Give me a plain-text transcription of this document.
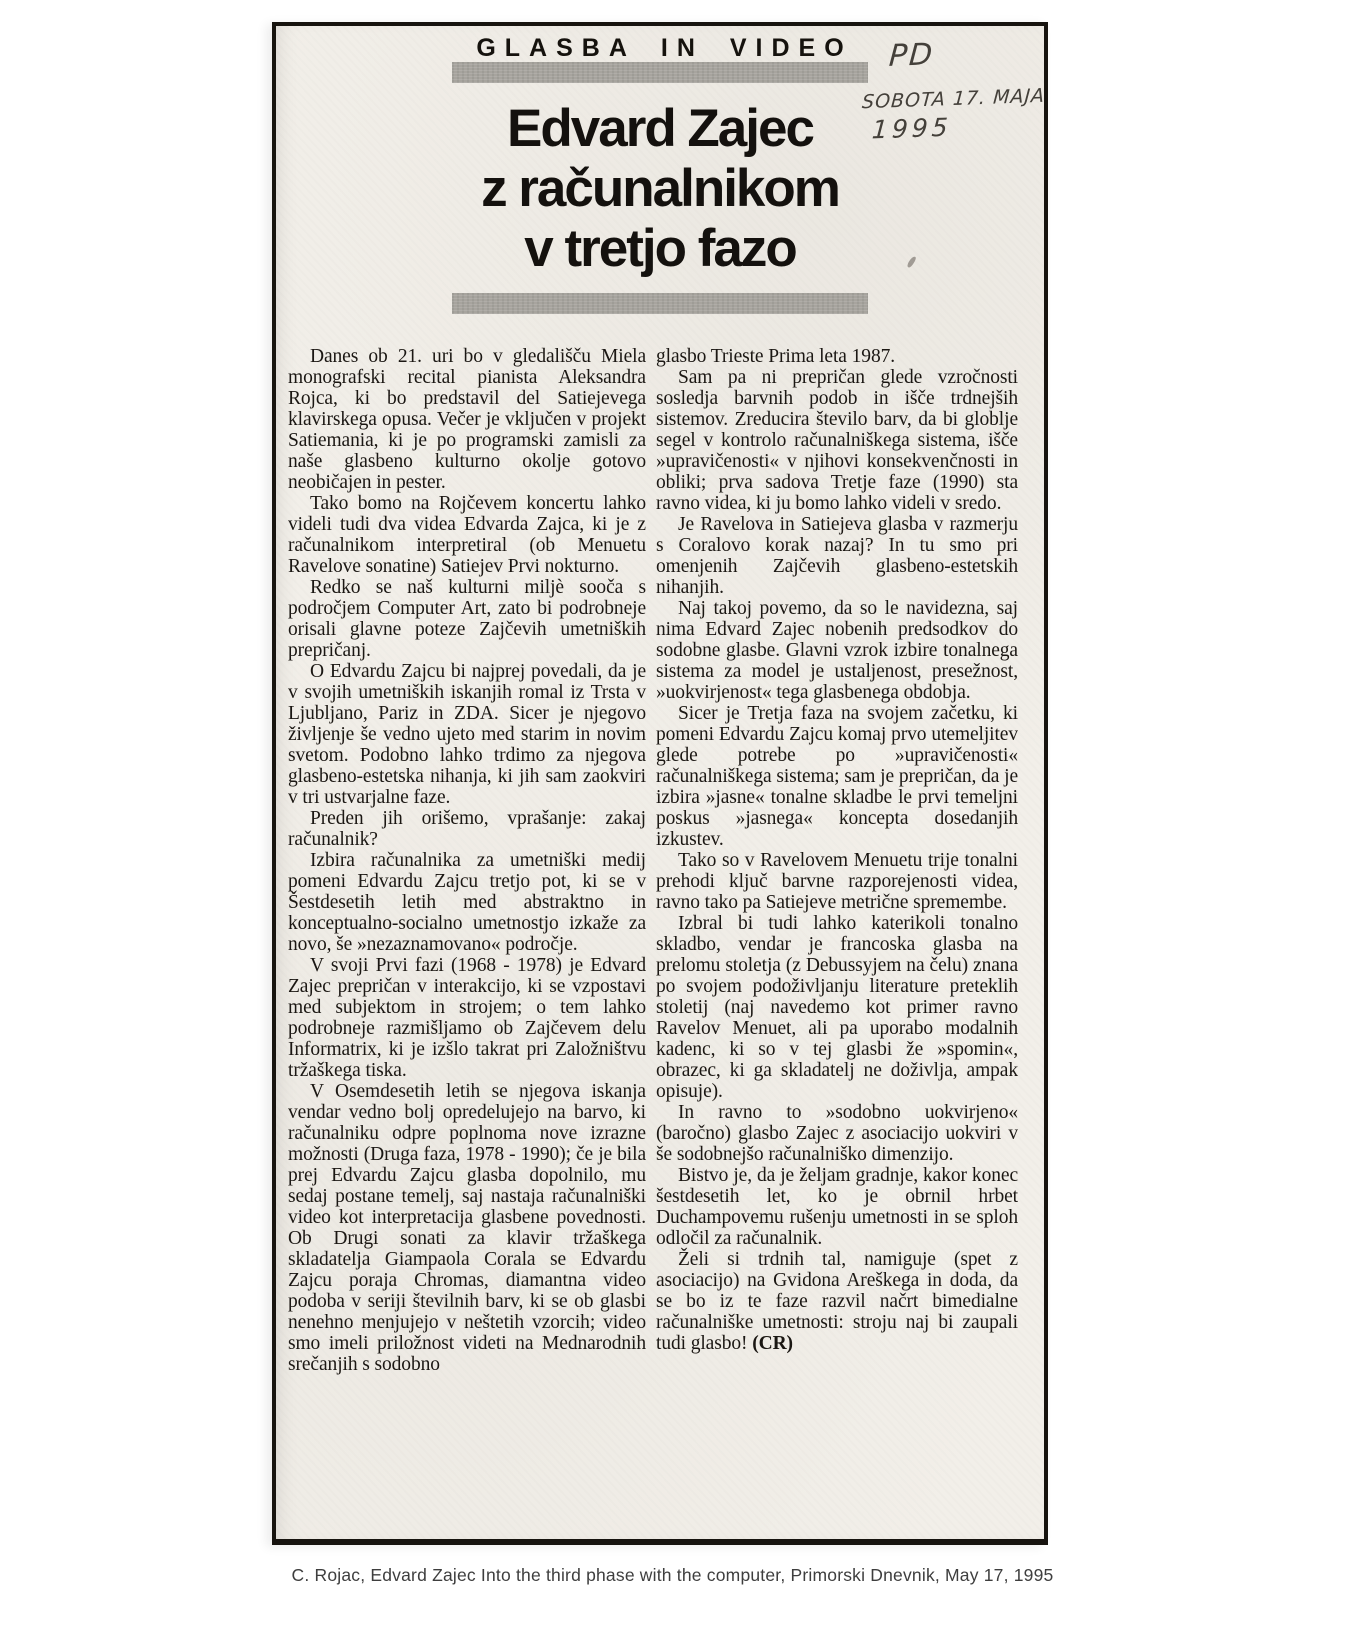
GLASBA IN VIDEO
Edvard Zajec
z računalnikom
v tretjo fazo
PD
SOBOTA 17. MAJA
1995

Danes ob 21. uri bo v gledališču Miela monografski recital pianista Aleksandra Rojca, ki bo predstavil del Satiejevega klavirskega opusa. Večer je vključen v projekt Satiemania, ki je po programski zamisli za naše glasbeno kulturno okolje gotovo neobičajen in pester.

Tako bomo na Rojčevem koncertu lahko videli tudi dva videa Edvarda Zajca, ki je z računalnikom interpretiral (ob Menuetu Ravelove sonatine) Satiejev Prvi nokturno.

Redko se naš kulturni miljè sooča s področjem Computer Art, zato bi podrobneje orisali glavne poteze Zajčevih umetniških prepričanj.

O Edvardu Zajcu bi najprej povedali, da je v svojih umetniških iskanjih romal iz Trsta v Ljubljano, Pariz in ZDA. Sicer je njegovo življenje še vedno ujeto med starim in novim svetom. Podobno lahko trdimo za njegova glasbeno-estetska nihanja, ki jih sam zaokviri v tri ustvarjalne faze.

Preden jih orišemo, vprašanje: zakaj računalnik?

Izbira računalnika za umetniški medij pomeni Edvardu Zajcu tretjo pot, ki se v Šestdesetih letih med abstraktno in konceptualno-socialno umetnostjo izkaže za novo, še »nezaznamovano« področje.

V svoji Prvi fazi (1968 - 1978) je Edvard Zajec prepričan v interakcijo, ki se vzpostavi med subjektom in strojem; o tem lahko podrobneje razmišljamo ob Zajčevem delu Informatrix, ki je izšlo takrat pri Založništvu tržaškega tiska.

V Osemdesetih letih se njegova iskanja vendar vedno bolj opredelujejo na barvo, ki računalniku odpre poplnoma nove izrazne možnosti (Druga faza, 1978 - 1990); če je bila prej Edvardu Zajcu glasba dopolnilo, mu sedaj postane temelj, saj nastaja računalniški video kot interpretacija glasbene povednosti. Ob Drugi sonati za klavir tržaškega skladatelja Giampaola Corala se Edvardu Zajcu poraja Chromas, diamantna video podoba v seriji številnih barv, ki se ob glasbi nenehno menjujejo v neštetih vzorcih; video smo imeli priložnost videti na Mednarodnih srečanjih s sodobno

glasbo Trieste Prima leta 1987.

Sam pa ni prepričan glede vzročnosti sosledja barvnih podob in išče trdnejših sistemov. Zreducira število barv, da bi globlje segel v kontrolo računalniškega sistema, išče »upravičenosti« v njihovi konsekvenčnosti in obliki; prva sadova Tretje faze (1990) sta ravno videa, ki ju bomo lahko videli v sredo.

Je Ravelova in Satiejeva glasba v razmerju s Coralovo korak nazaj? In tu smo pri omenjenih Zajčevih glasbeno-estetskih nihanjih.

Naj takoj povemo, da so le navidezna, saj nima Edvard Zajec nobenih predsodkov do sodobne glasbe. Glavni vzrok izbire tonalnega sistema za model je ustaljenost, presežnost, »uokvirjenost« tega glasbenega obdobja.

Sicer je Tretja faza na svojem začetku, ki pomeni Edvardu Zajcu komaj prvo utemeljitev glede potrebe po »upravičenosti« računalniškega sistema; sam je prepričan, da je izbira »jasne« tonalne skladbe le prvi temeljni poskus »jasnega« koncepta dosedanjih izkustev.

Tako so v Ravelovem Menuetu trije tonalni prehodi ključ barvne razporejenosti videa, ravno tako pa Satiejeve metrične spremembe.

Izbral bi tudi lahko katerikoli tonalno skladbo, vendar je francoska glasba na prelomu stoletja (z Debussyjem na čelu) znana po svojem podoživljanju literature preteklih stoletij (naj navedemo kot primer ravno Ravelov Menuet, ali pa uporabo modalnih kadenc, ki so v tej glasbi že »spomin«, obrazec, ki ga skladatelj ne doživlja, ampak opisuje).

In ravno to »sodobno uokvirjeno« (baročno) glasbo Zajec z asociacijo uokviri v še sodobnejšo računalniško dimenzijo.

Bistvo je, da je željam gradnje, kakor konec šestdesetih let, ko je obrnil hrbet Duchampovemu rušenju umetnosti in se sploh odločil za računalnik.

Želi si trdnih tal, namiguje (spet z asociacijo) na Gvidona Areškega in doda, da se bo iz te faze razvil načrt bimedialne računalniške umetnosti: stroju naj bi zaupali tudi glasbo! (CR)

C. Rojac, Edvard Zajec Into the third phase with the computer, Primorski Dnevnik, May 17, 1995
